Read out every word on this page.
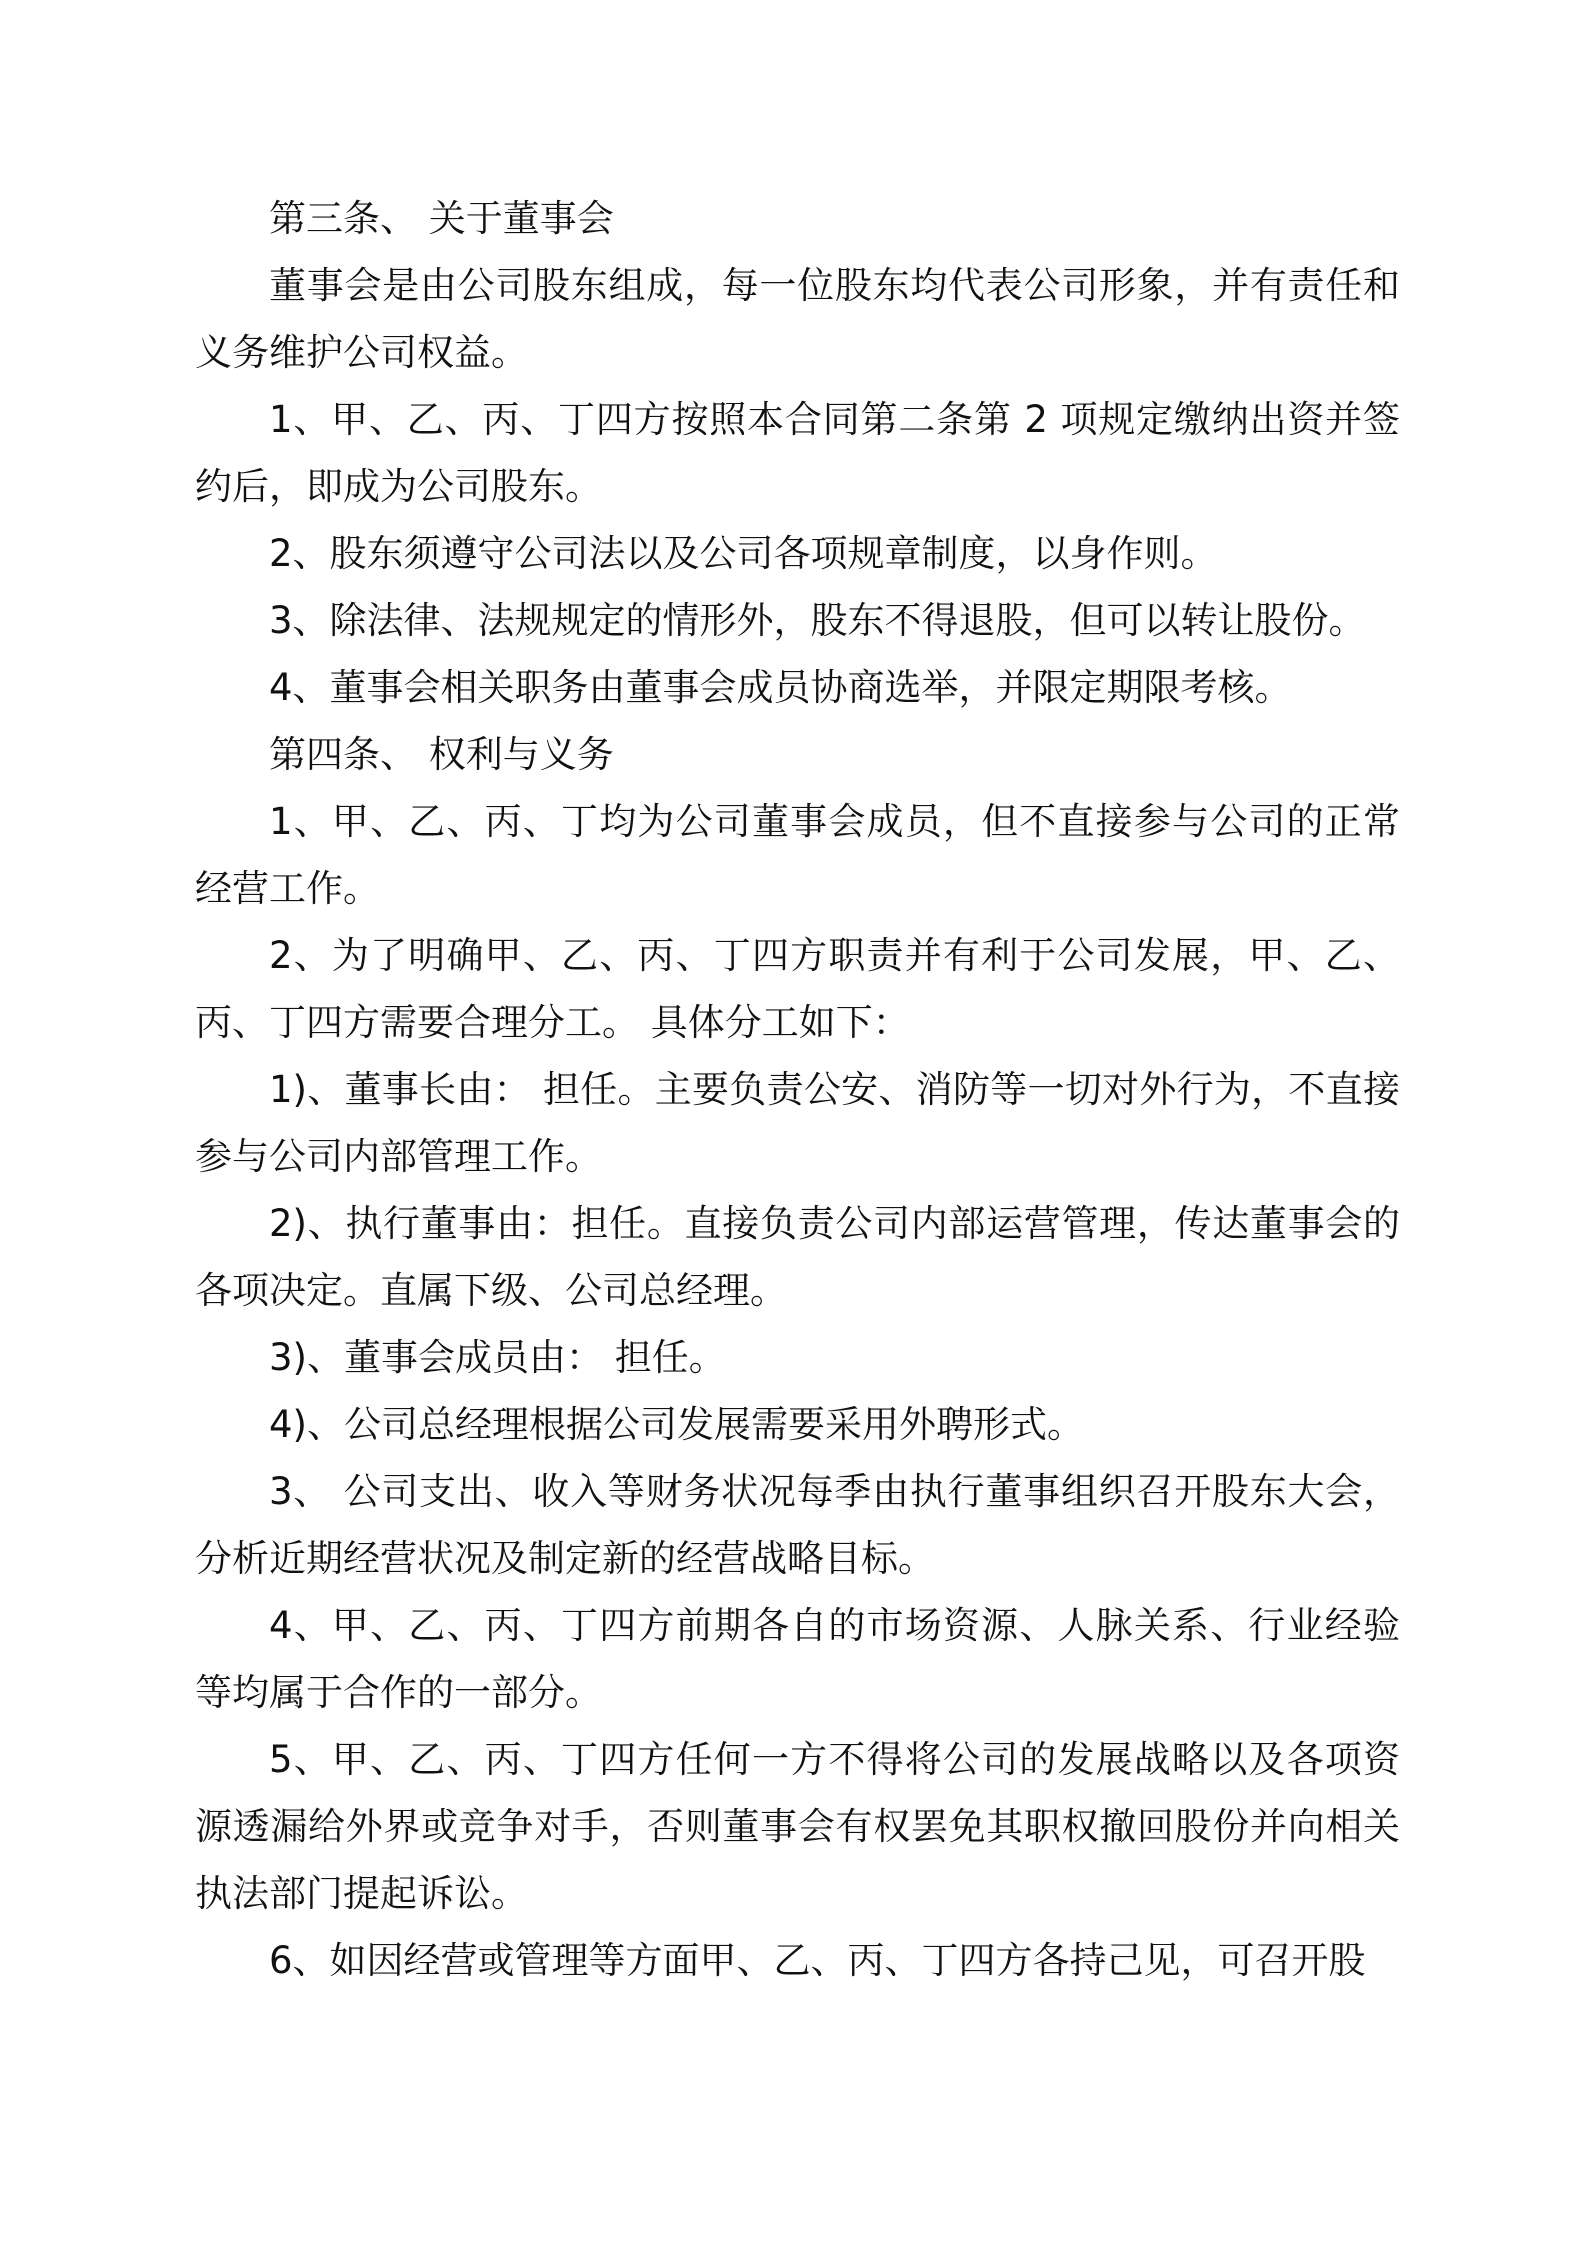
第三条、 关于董事会

董事会是由公司股东组成，每一位股东均代表公司形象，并有责任和义务维护公司权益。

1、甲、乙、丙、丁四方按照本合同第二条第 2 项规定缴纳出资并签约后，即成为公司股东。

2、股东须遵守公司法以及公司各项规章制度，以身作则。

3、除法律、法规规定的情形外，股东不得退股，但可以转让股份。

4、董事会相关职务由董事会成员协商选举，并限定期限考核。

第四条、 权利与义务

1、甲、乙、丙、丁均为公司董事会成员，但不直接参与公司的正常经营工作。

2、为了明确甲、乙、丙、丁四方职责并有利于公司发展，甲、乙、丙、丁四方需要合理分工。 具体分工如下：

1)、董事长由： 担任。主要负责公安、消防等一切对外行为，不直接参与公司内部管理工作。

2)、执行董事由：担任。直接负责公司内部运营管理，传达董事会的各项决定。直属下级、公司总经理。

3)、董事会成员由： 担任。

4)、公司总经理根据公司发展需要采用外聘形式。

3、 公司支出、收入等财务状况每季由执行董事组织召开股东大会，分析近期经营状况及制定新的经营战略目标。

4、甲、乙、丙、丁四方前期各自的市场资源、人脉关系、行业经验等均属于合作的一部分。

5、甲、乙、丙、丁四方任何一方不得将公司的发展战略以及各项资源透漏给外界或竞争对手，否则董事会有权罢免其职权撤回股份并向相关执法部门提起诉讼。

6、如因经营或管理等方面甲、乙、丙、丁四方各持己见，可召开股
